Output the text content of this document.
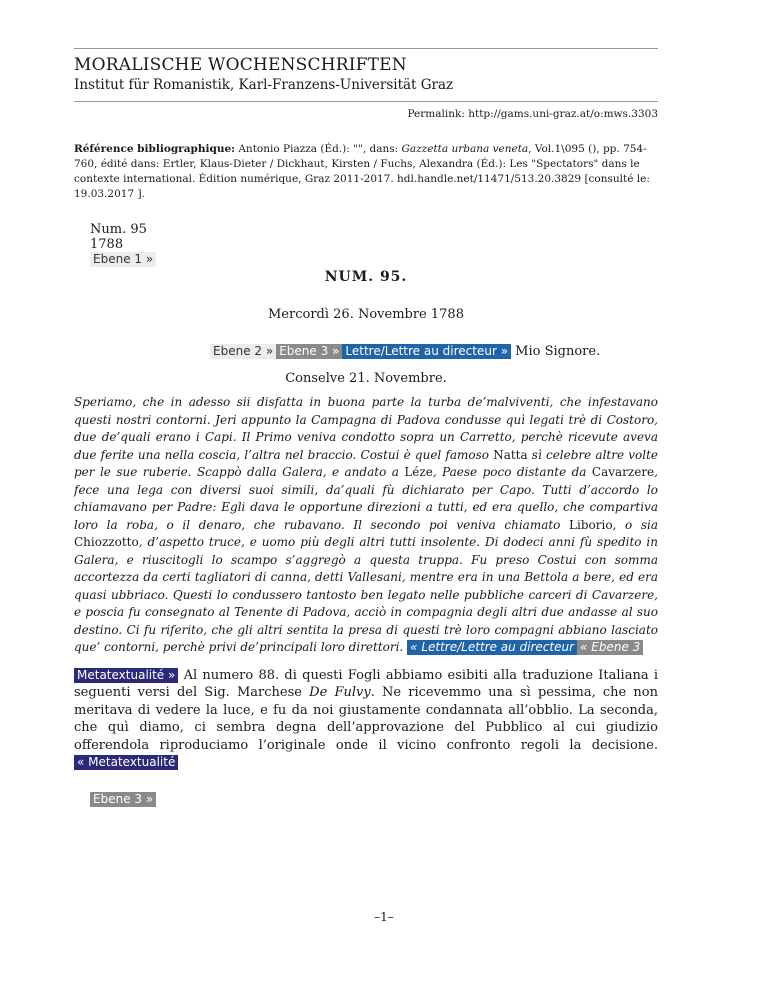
MORALISCHE WOCHENSCHRIFTEN
Institut für Romanistik, Karl-Franzens-Universität Graz
Permalink: http://gams.uni-graz.at/o:mws.3303
Référence bibliographique: Antonio Piazza (Éd.): "", dans: Gazzetta urbana veneta, Vol.1\095 (), pp. 754-760, édité dans: Ertler, Klaus-Dieter / Dickhaut, Kirsten / Fuchs, Alexandra (Éd.): Les "Spectators" dans le contexte international. Édition numérique, Graz 2011-2017. hdl.handle.net/11471/513.20.3829 [consulté le: 19.03.2017 ].
Num. 95
1788
Ebene 1 »
NUM. 95.
Mercordì 26. Novembre 1788
Ebene 2 » Ebene 3 » Lettre/Lettre au directeur » Mio Signore.
Conselve 21. Novembre.
Speriamo, che in adesso sii disfatta in buona parte la turba de’malviventi, che infestavano questi nostri contorni. Jeri appunto la Campagna di Padova condusse quì legati trè di Costoro, due de’quali erano i Capi. Il Primo veniva condotto sopra un Carretto, perchè ricevute aveva due ferite una nella coscia, l’altra nel braccio. Costui è quel famoso Natta sì celebre altre volte per le sue ruberie. Scappò dalla Galera, e andato a Léze, Paese poco distante da Cavarzere, fece una lega con diversi suoi simili, da’quali fù dichiarato per Capo. Tutti d’accordo lo chiamavano per Padre: Egli dava le opportune direzioni a tutti, ed era quello, che compartiva loro la roba, o il denaro, che rubavano. Il secondo poi veniva chiamato Liborio, o sia Chiozzotto, d’aspetto truce, e uomo più degli altri tutti insolente. Di dodeci anni fù spedito in Galera, e riuscitogli lo scampo s’aggregò a questa truppa. Fu preso Costui con somma accortezza da certi tagliatori di canna, detti Vallesani, mentre era in una Bettola a bere, ed era quasi ubbriaco. Questi lo condussero tantosto ben legato nelle pubbliche carceri di Cavarzere, e poscia fu consegnato al Tenente di Padova, acciò in compagnia degli altri due andasse al suo destino. Ci fu riferito, che gli altri sentita la presa di questi trè loro compagni abbiano lasciato que’ contorni, perchè privi de’principali loro direttori. « Lettre/Lettre au directeur « Ebene 3
Metatextualité » Al numero 88. di questi Fogli abbiamo esibiti alla traduzione Italiana i seguenti versi del Sig. Marchese De Fulvy. Ne ricevemmo una sì pessima, che non meritava di vedere la luce, e fu da noi giustamente condannata all’obblio. La seconda, che quì diamo, ci sembra degna dell’approvazione del Pubblico al cui giudizio offerendola riproduciamo l’originale onde il vicino confronto regoli la decisione. « Metatextualité
Ebene 3 »
–1–
